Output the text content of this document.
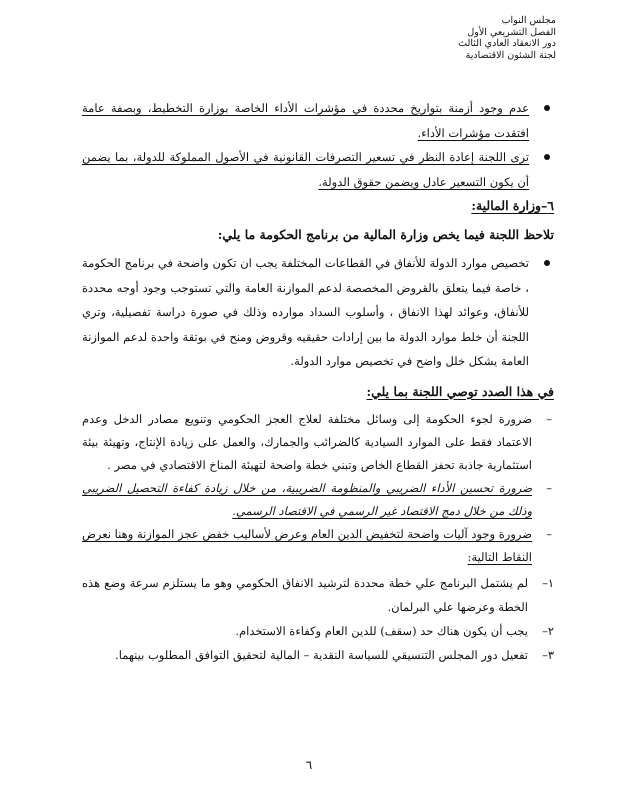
مجلس النواب
الفصل التشريعي الأول
دور الانعقاد العادي الثالث
لجنة الشئون الاقتصادية

عدم وجود أزمنة بتواريخ محددة في مؤشرات الأداء الخاصة بوزارة التخطيط، وبصفة عامة افتقدت مؤشرات الأداء.

ترى اللجنة إعادة النظر في تسعير التصرفات القانونية في الأصول المملوكة للدولة، بما يضمن أن يكون التسعير عادل ويضمن حقوق الدولة.

٦–وزارة المالية:

تلاحظ اللجنة فيما يخص وزارة المالية من برنامج الحكومة ما يلي:

تخصيص موارد الدولة للأنفاق في القطاعات المختلفة يجب ان تكون واضحة في برنامج الحكومة ، خاصة فيما يتعلق بالقروض المخصصة لدعم الموازنة العامة والتي تستوجب وجود أوجه محددة للأنفاق، وعوائد لهذا الانفاق ، وأسلوب السداد موارده وذلك في صورة دراسة تفصيلية، وتري اللجنة أن خلط موارد الدولة ما بين إرادات حقيقيه وقروض ومنح في بوتقة واحدة لدعم الموازنة العامة يشكل خلل واضح في تخصيص موارد الدولة.

في هذا الصدد توصي اللجنة بما يلي:

–
ضرورة لجوء الحكومة إلى وسائل مختلفة لعلاج العجز الحكومي وتنويع مصادر الدخل وعدم الاعتماد فقط على الموارد السيادية كالضرائب والجمارك، والعمل على زيادة الإنتاج، وتهيئة بيئة استثمارية جاذبة تحفز القطاع الخاص وتبني خطة واضحة لتهيئة المناخ الاقتصادي في مصر .

–
ضرورة تحسين الأداء الضريبي والمنظومة الضريبية، من خلال زيادة كفاءة التحصيل الضريبي وذلك من خلال دمج الاقتصاد غير الرسمي في الاقتصاد الرسمي.

–
ضرورة وجود آليات واضحة لتخفيض الدين العام وعرض لأساليب خفض عجز الموازنة وهنا نعرض النقاط التالية:

١–
لم يشتمل البرنامج علي خطة محددة لترشيد الانفاق الحكومي وهو ما يستلزم سرعة وضع هذه الخطة وعرضها علي البرلمان.

٢–
يجب أن يكون هناك حد (سقف) للدين العام وكفاءة الاستخدام.

٣–
تفعيل دور المجلس التنسيقي للسياسة النقدية – المالية لتحقيق التوافق المطلوب بينهما.

٦
